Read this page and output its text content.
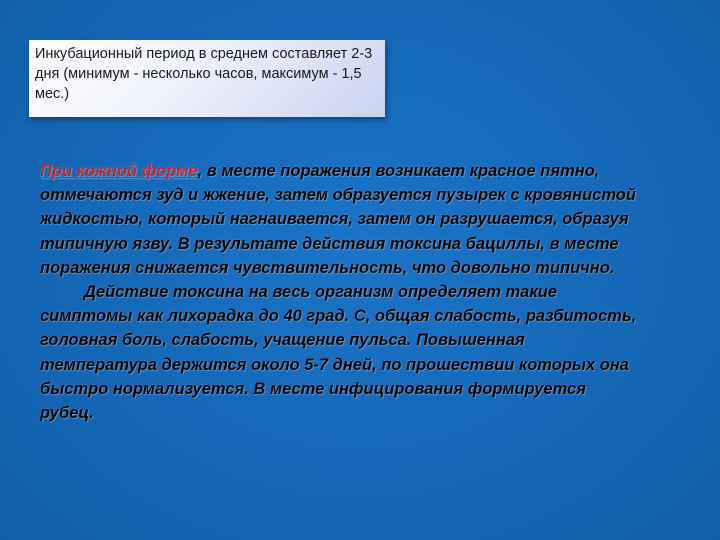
Инкубационный период в среднем составляет 2-3 дня (минимум - несколько часов, максимум - 1,5 мес.)

При кожной форме, в месте поражения возникает красное пятно, отмечаются зуд и жжение, затем образуется пузырек с кровянистой жидкостью, который нагнаивается, затем он разрушается, образуя типичную язву. В результате действия токсина бациллы, в месте поражения снижается чувствительность, что довольно типично.

Действие токсина на весь организм определяет такие симптомы как лихорадка до 40 град. С, общая слабость, разбитость, головная боль, слабость, учащение пульса. Повышенная температура держится около 5-7 дней, по прошествии которых она быстро нормализуется. В месте инфицирования формируется рубец.
